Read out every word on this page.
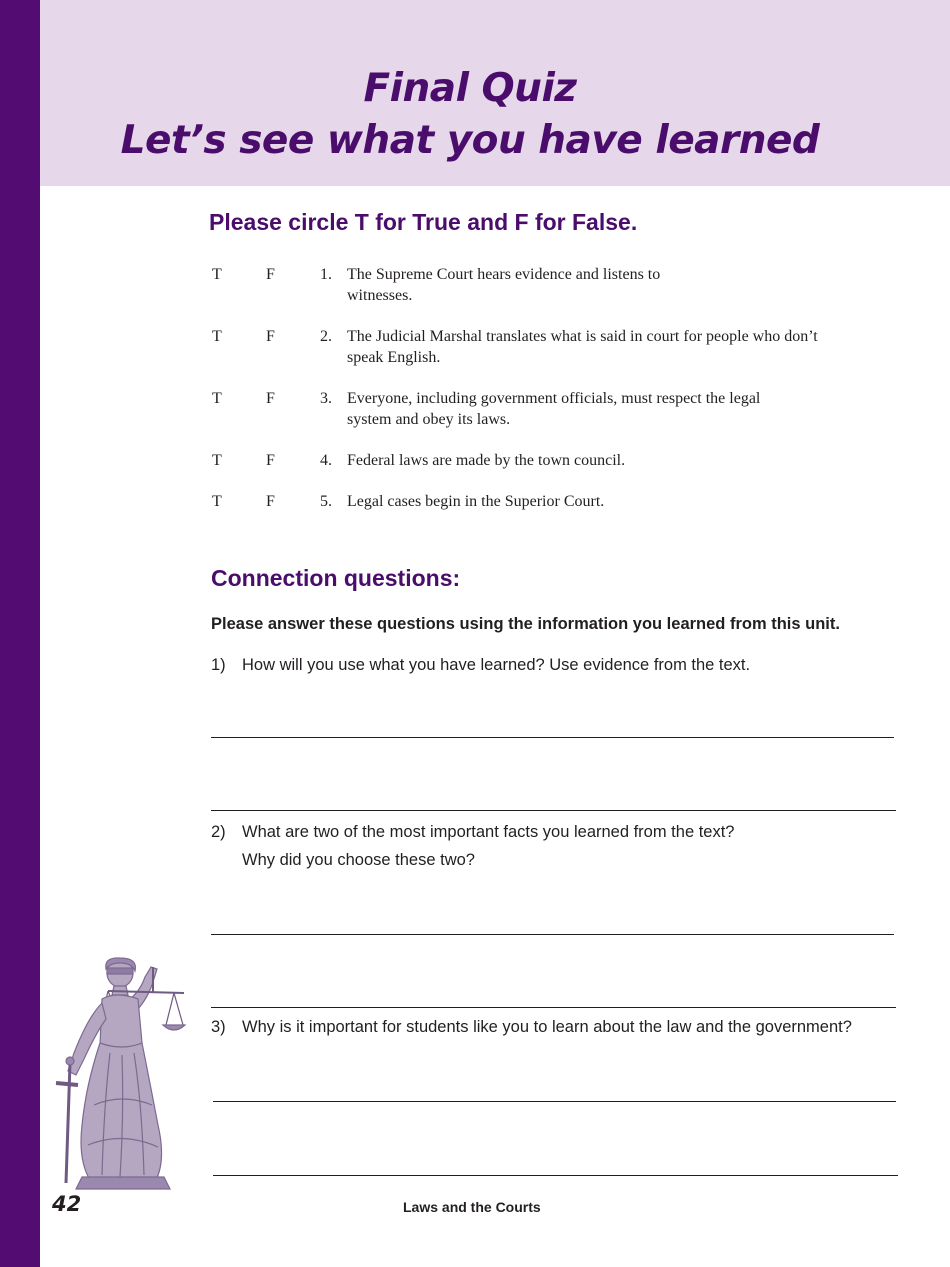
Final Quiz
Let’s see what you have learned
Please circle T for True and F for False.
T	F	1. The Supreme Court hears evidence and listens to
witnesses.
T	F	2. The Judicial Marshal translates what is said in court for people who don’t
speak English.
T	F	3. Everyone, including government officials, must respect the legal
system and obey its laws.
T	F	4. Federal laws are made by the town council.
T	F	5. Legal cases begin in the Superior Court.
Connection questions:

Please answer these questions using the information you learned from this unit.

1) How will you use what you have learned? Use evidence from the text.
2) What are two of the most important facts you learned from the text?
Why did you choose these two?
3) Why is it important for students like you to learn about the law and the government?

42	Laws and the Courts
